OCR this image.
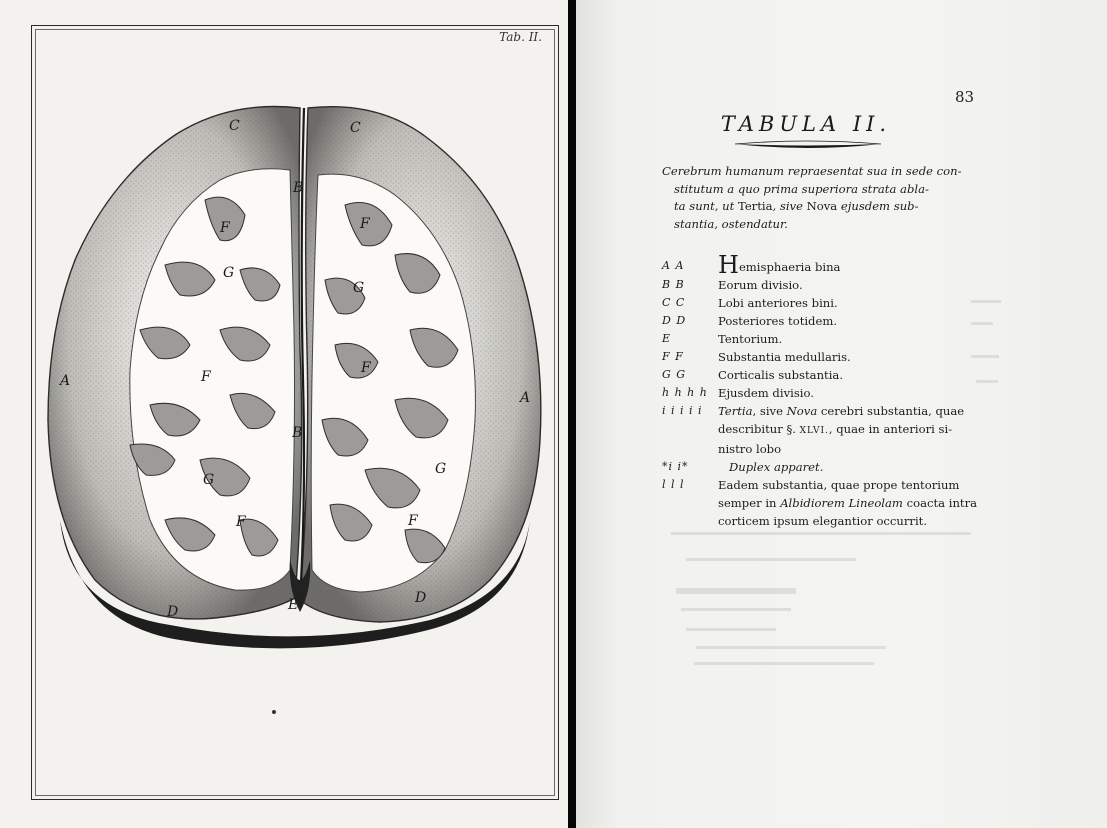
Tab. II.
C	C
B
F	F
G
G
F
F
A
A
B
G
G
F	F
D	E	D
83
TABULA II.
Cerebrum humanum repraesentat sua in sede con-
stitutum a quo prima superiora strata abla-
ta sunt, ut Tertia, sive Nova ejusdem sub-
stantia, ostendatur.
A A	Hemisphaeria bina
B B	Eorum divisio.
C C	Lobi anteriores bini.
D D	Posteriores totidem.
E	Tentorium.
F F	Substantia medullaris.
G G	Corticalis substantia.
h h h h Ejusdem divisio.
i i i i i	Tertia, sive Nova cerebri substantia, quae
describitur §. XLVI., quae in anteriori si-
nistro lobo
*i i*	Duplex apparet.
l l l	Eadem substantia, quae prope tentorium
semper in Albidiorem Lineolam coacta intra
corticem ipsum elegantior occurrit.
